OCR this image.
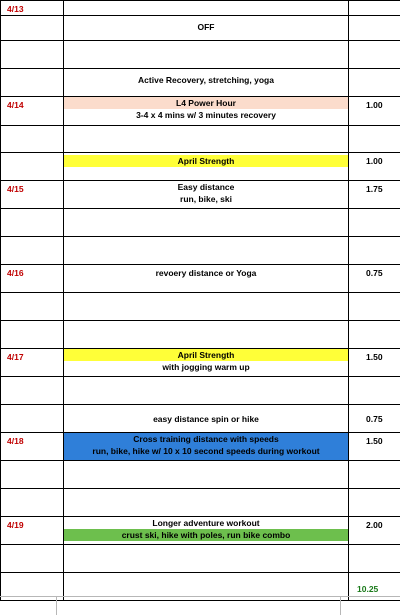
4/13		

	OFF	

	Active Recovery, stretching, yoga	

4/14	L4 Power Hour
3-4 x 4 mins w/ 3 minutes recovery	1.00

	April Strength	1.00

4/15	Easy distance
run, bike, ski	1.75

4/16	revoery distance or Yoga	0.75

4/17	April Strength
with jogging warm up	1.50

	easy distance spin or hike	0.75

4/18	Cross training distance with speeds
run, bike, hike w/ 10 x 10 second speeds during workout	1.50

4/19	Longer adventure workout
crust ski, hike with poles, run bike combo	2.00

10.25
